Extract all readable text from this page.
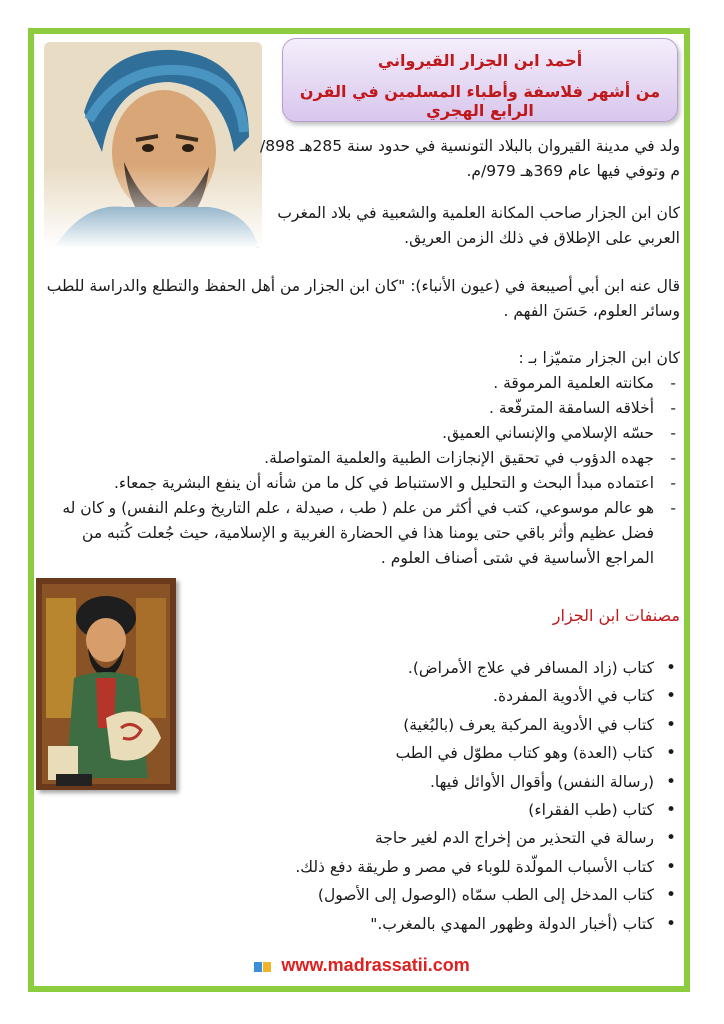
أحمد ابن الجزار القيرواني
من أشهر فلاسفة وأطباء المسلمين في القرن الرابع الهجري
ولد في مدينة القيروان بالبلاد التونسية في حدود سنة 285هـ 898/م وتوفي فيها عام 369هـ 979/م.
كان ابن الجزار صاحب المكانة العلمية والشعبية في بلاد المغرب العربي على الإطلاق في ذلك الزمن العريق.
قال عنه ابن أبي أصيبعة في (عيون الأنباء): "كان ابن الجزار من أهل الحفظ والتطلع والدراسة للطب وسائر العلوم، حَسَنَ الفهم .
كان ابن الجزار متميّزا بـ :
- مكانته العلمية المرموقة .
- أخلاقه السامقة المترفّعة .
- حسّه الإسلامي والإنساني العميق.
- جهده الدؤوب في تحقيق الإنجازات الطبية والعلمية المتواصلة.
- اعتماده مبدأ البحث و التحليل و الاستنباط في كل ما من شأنه أن ينفع البشرية جمعاء.
- هو عالم موسوعي، كتب في أكثر من علم ( طب ، صيدلة ، علم التاريخ وعلم النفس) و كان له فضل عظيم وأثر باقي حتى يومنا هذا في الحضارة الغربية و الإسلامية، حيث جُعلت كُتبه من المراجع الأساسية في شتى أصناف العلوم .
مصنفات ابن الجزار
• كتاب (زاد المسافر في علاج الأمراض).
• كتاب في الأدوية المفردة.
• كتاب في الأدوية المركبة يعرف (بالبُغية)
• كتاب (العدة) وهو كتاب مطوّل في الطب
• (رسالة النفس) وأقوال الأوائل فيها.
• كتاب (طب الفقراء)
• رسالة في التحذير من إخراج الدم لغير حاجة
• كتاب الأسباب المولّدة للوباء في مصر و طريقة دفع ذلك.
• كتاب المدخل إلى الطب سمّاه (الوصول إلى الأصول)
• كتاب (أخبار الدولة وظهور المهدي بالمغرب."
www.madrassatii.com
